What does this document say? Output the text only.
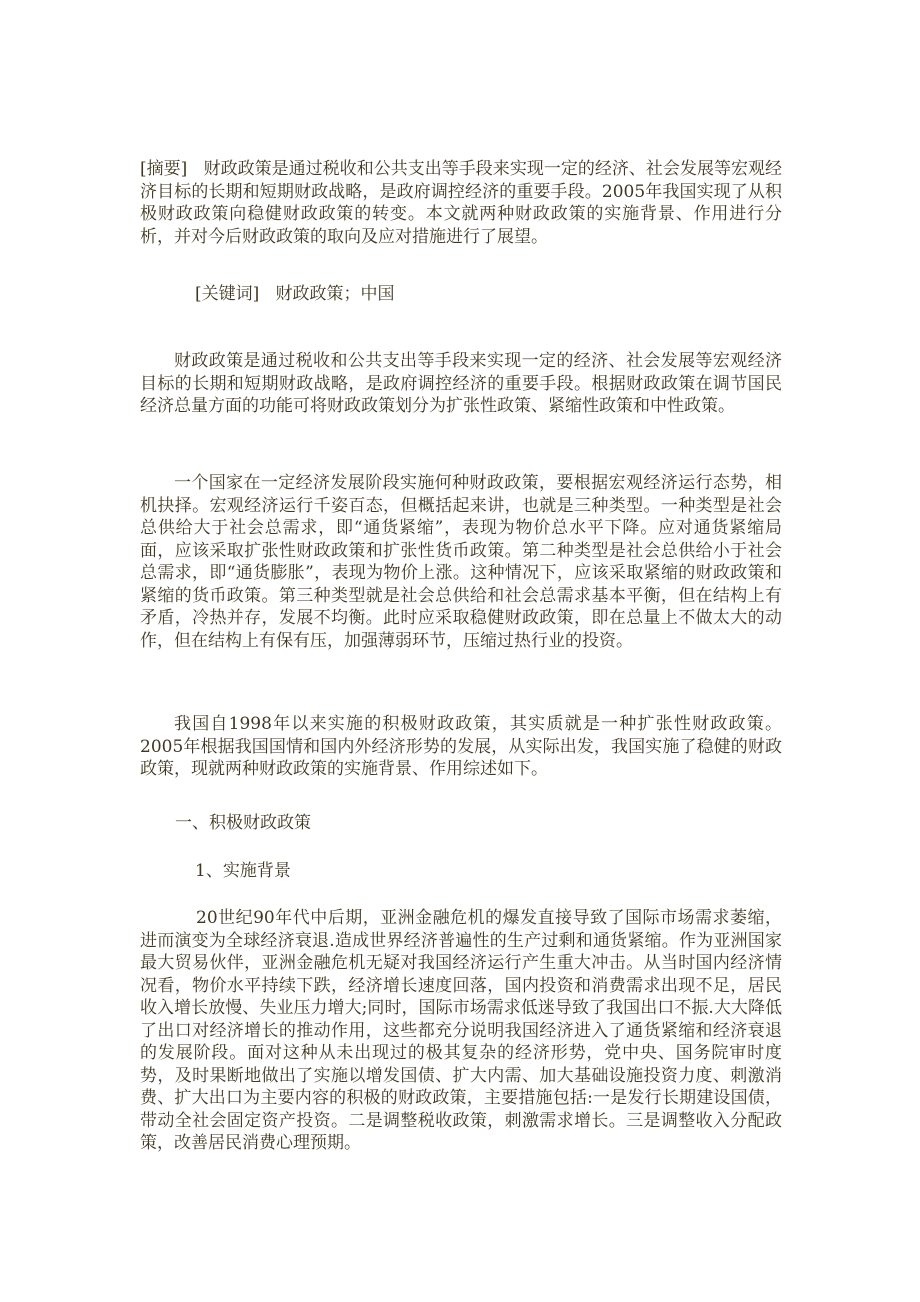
[摘要] 财政政策是通过税收和公共支出等手段来实现一定的经济、社会发展等宏观经济目标的长期和短期财政战略，是政府调控经济的重要手段。2005年我国实现了从积极财政政策向稳健财政政策的转变。本文就两种财政政策的实施背景、作用进行分析，并对今后财政政策的取向及应对措施进行了展望。

[关键词] 财政政策；中国

财政政策是通过税收和公共支出等手段来实现一定的经济、社会发展等宏观经济目标的长期和短期财政战略，是政府调控经济的重要手段。根据财政政策在调节国民经济总量方面的功能可将财政政策划分为扩张性政策、紧缩性政策和中性政策。

一个国家在一定经济发展阶段实施何种财政政策，要根据宏观经济运行态势，相机抉择。宏观经济运行千姿百态，但概括起来讲，也就是三种类型。一种类型是社会总供给大于社会总需求，即“通货紧缩”，表现为物价总水平下降。应对通货紧缩局面，应该采取扩张性财政政策和扩张性货币政策。第二种类型是社会总供给小于社会总需求，即“通货膨胀”，表现为物价上涨。这种情况下，应该采取紧缩的财政政策和紧缩的货币政策。第三种类型就是社会总供给和社会总需求基本平衡，但在结构上有矛盾，冷热并存，发展不均衡。此时应采取稳健财政政策，即在总量上不做太大的动作，但在结构上有保有压，加强薄弱环节，压缩过热行业的投资。

我国自1998年以来实施的积极财政政策，其实质就是一种扩张性财政政策。2005年根据我国国情和国内外经济形势的发展，从实际出发，我国实施了稳健的财政政策，现就两种财政政策的实施背景、作用综述如下。

一、积极财政政策

1、实施背景

20世纪90年代中后期，亚洲金融危机的爆发直接导致了国际市场需求萎缩，进而演变为全球经济衰退.造成世界经济普遍性的生产过剩和通货紧缩。作为亚洲国家最大贸易伙伴，亚洲金融危机无疑对我国经济运行产生重大冲击。从当时国内经济情况看，物价水平持续下跌，经济增长速度回落，国内投资和消费需求出现不足，居民收入增长放慢、失业压力增大;同时，国际市场需求低迷导致了我国出口不振.大大降低了出口对经济增长的推动作用，这些都充分说明我国经济进入了通货紧缩和经济衰退的发展阶段。面对这种从未出现过的极其复杂的经济形势，党中央、国务院审时度势，及时果断地做出了实施以增发国债、扩大内需、加大基础设施投资力度、刺激消费、扩大出口为主要内容的积极的财政政策，主要措施包括:一是发行长期建设国债，带动全社会固定资产投资。二是调整税收政策，刺激需求增长。三是调整收入分配政策，改善居民消费心理预期。
